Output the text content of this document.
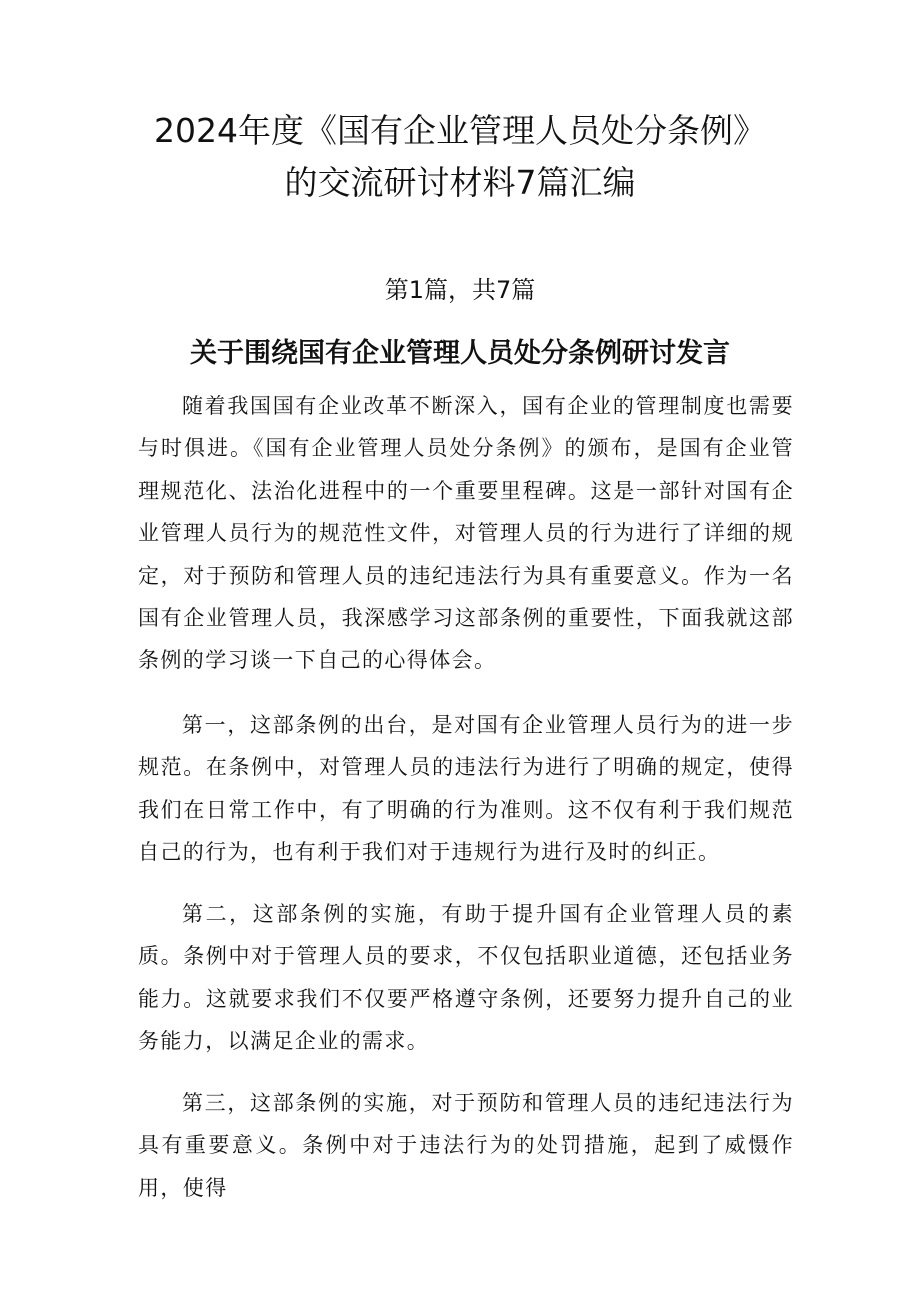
2024年度《国有企业管理人员处分条例》
的交流研讨材料7篇汇编

第1篇，共7篇

关于围绕国有企业管理人员处分条例研讨发言

随着我国国有企业改革不断深入，国有企业的管理制度也需要与时俱进。《国有企业管理人员处分条例》的颁布，是国有企业管理规范化、法治化进程中的一个重要里程碑。这是一部针对国有企业管理人员行为的规范性文件，对管理人员的行为进行了详细的规定，对于预防和管理人员的违纪违法行为具有重要意义。作为一名国有企业管理人员，我深感学习这部条例的重要性，下面我就这部条例的学习谈一下自己的心得体会。

第一，这部条例的出台，是对国有企业管理人员行为的进一步规范。在条例中，对管理人员的违法行为进行了明确的规定，使得我们在日常工作中，有了明确的行为准则。这不仅有利于我们规范自己的行为，也有利于我们对于违规行为进行及时的纠正。

第二，这部条例的实施，有助于提升国有企业管理人员的素质。条例中对于管理人员的要求，不仅包括职业道德，还包括业务能力。这就要求我们不仅要严格遵守条例，还要努力提升自己的业务能力，以满足企业的需求。

第三，这部条例的实施，对于预防和管理人员的违纪违法行为具有重要意义。条例中对于违法行为的处罚措施，起到了威慑作用，使得
